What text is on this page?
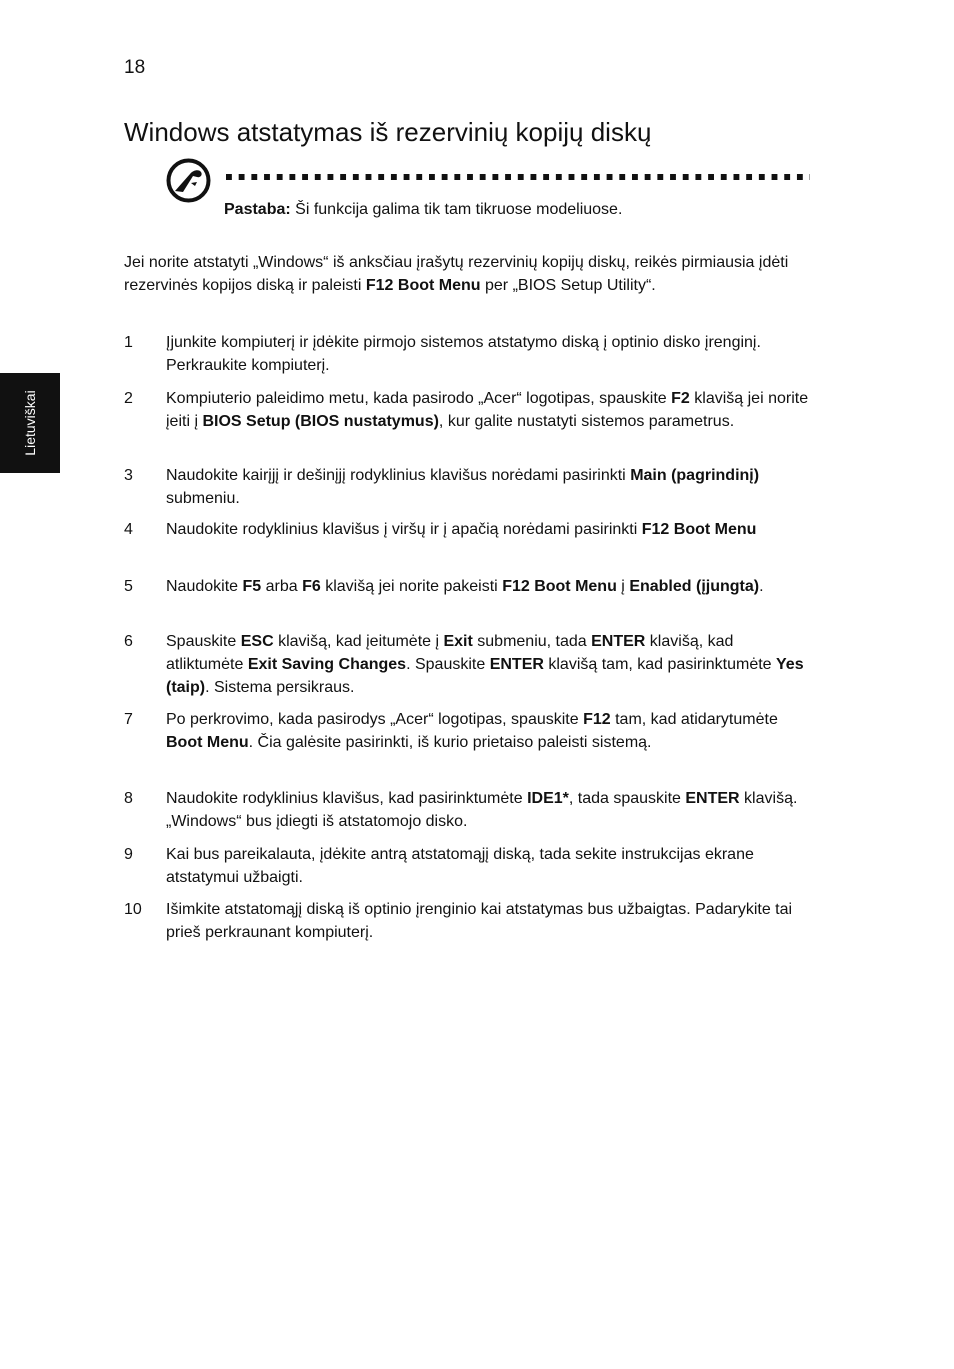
18
Lietuviškai
Windows atstatymas iš rezervinių kopijų diskų
Pastaba: Ši funkcija galima tik tam tikruose modeliuose.

Jei norite atstatyti „Windows“ iš anksčiau įrašytų rezervinių kopijų diskų, reikės pirmiausia įdėti rezervinės kopijos diską ir paleisti F12 Boot Menu per „BIOS Setup Utility“.

1 Įjunkite kompiuterį ir įdėkite pirmojo sistemos atstatymo diską į optinio disko įrenginį. Perkraukite kompiuterį.
2 Kompiuterio paleidimo metu, kada pasirodo „Acer“ logotipas, spauskite F2 klavišą jei norite įeiti į BIOS Setup (BIOS nustatymus), kur galite nustatyti sistemos parametrus.
3 Naudokite kairįjį ir dešinįjį rodyklinius klavišus norėdami pasirinkti Main (pagrindinį) submeniu.
4 Naudokite rodyklinius klavišus į viršų ir į apačią norėdami pasirinkti F12 Boot Menu
5 Naudokite F5 arba F6 klavišą jei norite pakeisti F12 Boot Menu į Enabled (įjungta).
6 Spauskite ESC klavišą, kad įeitumėte į Exit submeniu, tada ENTER klavišą, kad atliktumėte Exit Saving Changes. Spauskite ENTER klavišą tam, kad pasirinktumėte Yes (taip). Sistema persikraus.
7 Po perkrovimo, kada pasirodys „Acer“ logotipas, spauskite F12 tam, kad atidarytumėte Boot Menu. Čia galėsite pasirinkti, iš kurio prietaiso paleisti sistemą.
8 Naudokite rodyklinius klavišus, kad pasirinktumėte IDE1*, tada spauskite ENTER klavišą. „Windows“ bus įdiegti iš atstatomojo disko.
9 Kai bus pareikalauta, įdėkite antrą atstatomąjį diską, tada sekite instrukcijas ekrane atstatymui užbaigti.
10 Išimkite atstatomąjį diską iš optinio įrenginio kai atstatymas bus užbaigtas. Padarykite tai prieš perkraunant kompiuterį.
